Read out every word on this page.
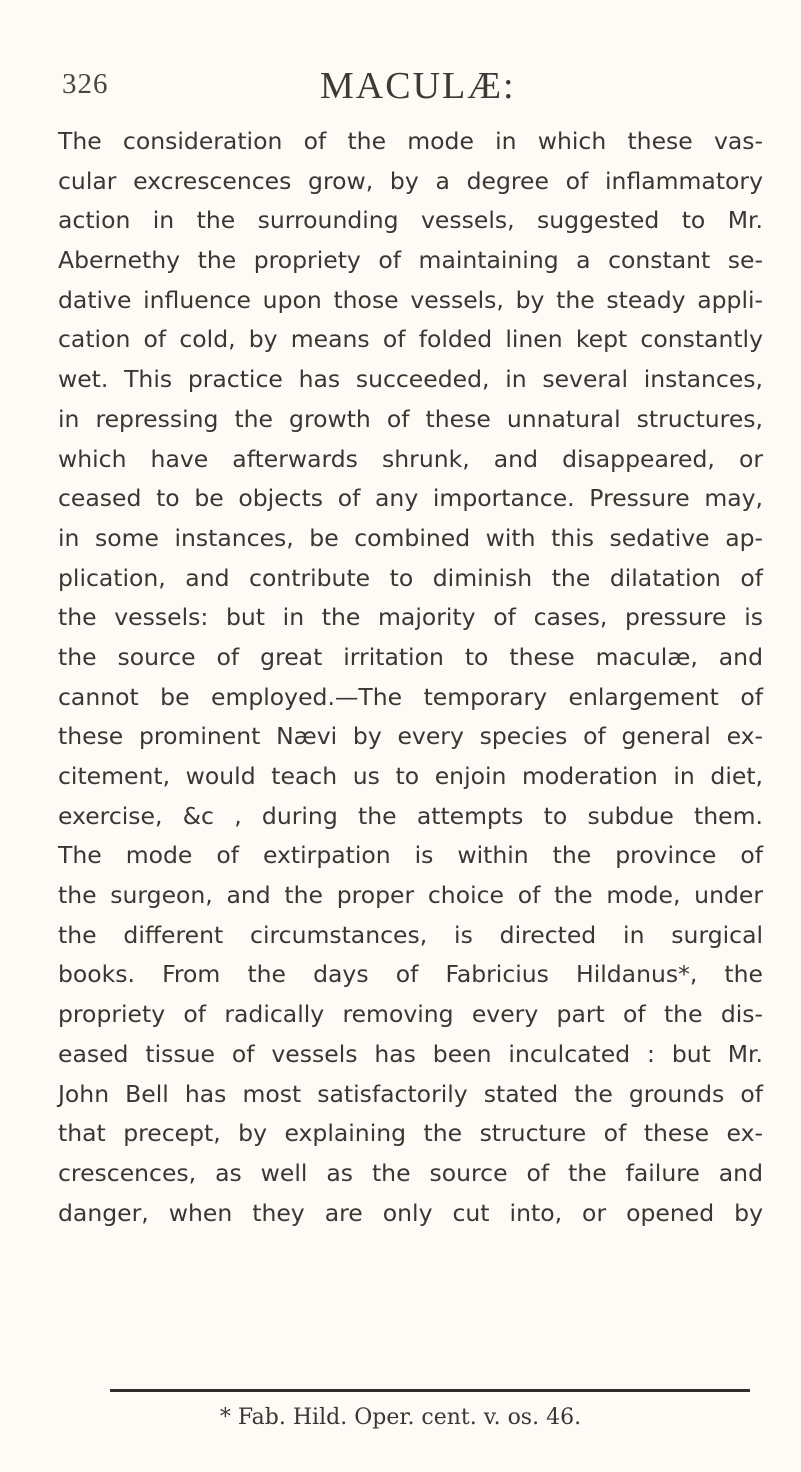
326	MACULÆ:
The consideration of the mode in which these vas-
cular excrescences grow, by a degree of inflammatory
action in the surrounding vessels, suggested to Mr.
Abernethy the propriety of maintaining a constant se-
dative influence upon those vessels, by the steady appli-
cation of cold, by means of folded linen kept constantly
wet. This practice has succeeded, in several instances,
in repressing the growth of these unnatural structures,
which have afterwards shrunk, and disappeared, or
ceased to be objects of any importance. Pressure may,
in some instances, be combined with this sedative ap-
plication, and contribute to diminish the dilatation of
the vessels: but in the majority of cases, pressure is
the source of great irritation to these maculæ, and
cannot be employed.—The temporary enlargement of
these prominent Nævi by every species of general ex-
citement, would teach us to enjoin moderation in diet,
exercise, &c , during the attempts to subdue them.
The mode of extirpation is within the province of
the surgeon, and the proper choice of the mode, under
the different circumstances, is directed in surgical
books. From the days of Fabricius Hildanus*, the
propriety of radically removing every part of the dis-
eased tissue of vessels has been inculcated : but Mr.
John Bell has most satisfactorily stated the grounds of
that precept, by explaining the structure of these ex-
crescences, as well as the source of the failure and
danger, when they are only cut into, or opened by
* Fab. Hild. Oper. cent. v. os. 46.
